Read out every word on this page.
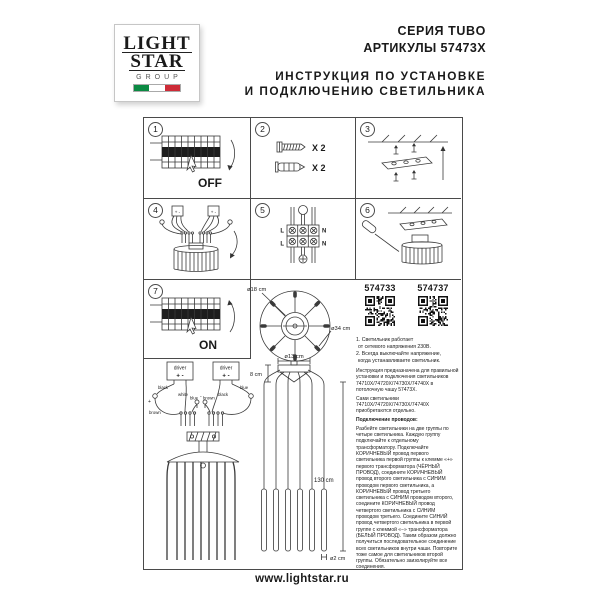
LIGHT
STAR
GROUP
СЕРИЯ TUBO
АРТИКУЛЫ 57473X
ИНСТРУКЦИЯ ПО УСТАНОВКЕ
И ПОДКЛЮЧЕНИЮ СВЕТИЛЬНИКА
1
OFF
2
X 2
X 2
3
4	+ -	+ -	5
L	N
L	N
6
7
ON
ø18 cm
ø34 cm
574733	574737
1. Светильник работает
от сетевого напряжения 230В.
2. Всегда выключайте напряжение,
когда устанавливаете светильник.
Инструкция предназначена для правильной установки и подключения светильников 74710X/74720X/74730X/74740X в потолочную чашу 57473X.
Сами светильники 74710X/74720X/74730X/74740X приобретаются отдельно.
Подключение проводов:
Разбейте светильники на две группы по четыре светильника. Каждую группу подключайте к отдельному трансформатору. Подключайте КОРИЧНЕВЫЙ провод первого светильника первой группы к клемме «+» первого трансформатора (ЧЁРНЫЙ ПРОВОД), соедините КОРИЧНЕВЫЙ провод второго светильника с СИНИМ проводом первого светильника, а КОРИЧНЕВЫЙ провод третьего светильника с СИНИМ проводом второго, соедините КОРИЧНЕВЫЙ провод четвертого светильника с СИНИМ проводом третьего. Соедините СИНИЙ провод четвертого светильника в первой группе с клеммой «−» трансформатора (БЕЛЫЙ ПРОВОД). Таким образом должно получиться последовательное соединение всех светильников внутри чаши. Повторите тоже самое для светильников второй группы. Обязательно заизолируйте все соединения.
ø13 cm
8 cm
130 cm
ø2 cm
driver	driver
+ -	+ -
black
brown
white
blue brown
black
blue
+
-
www.lightstar.ru
